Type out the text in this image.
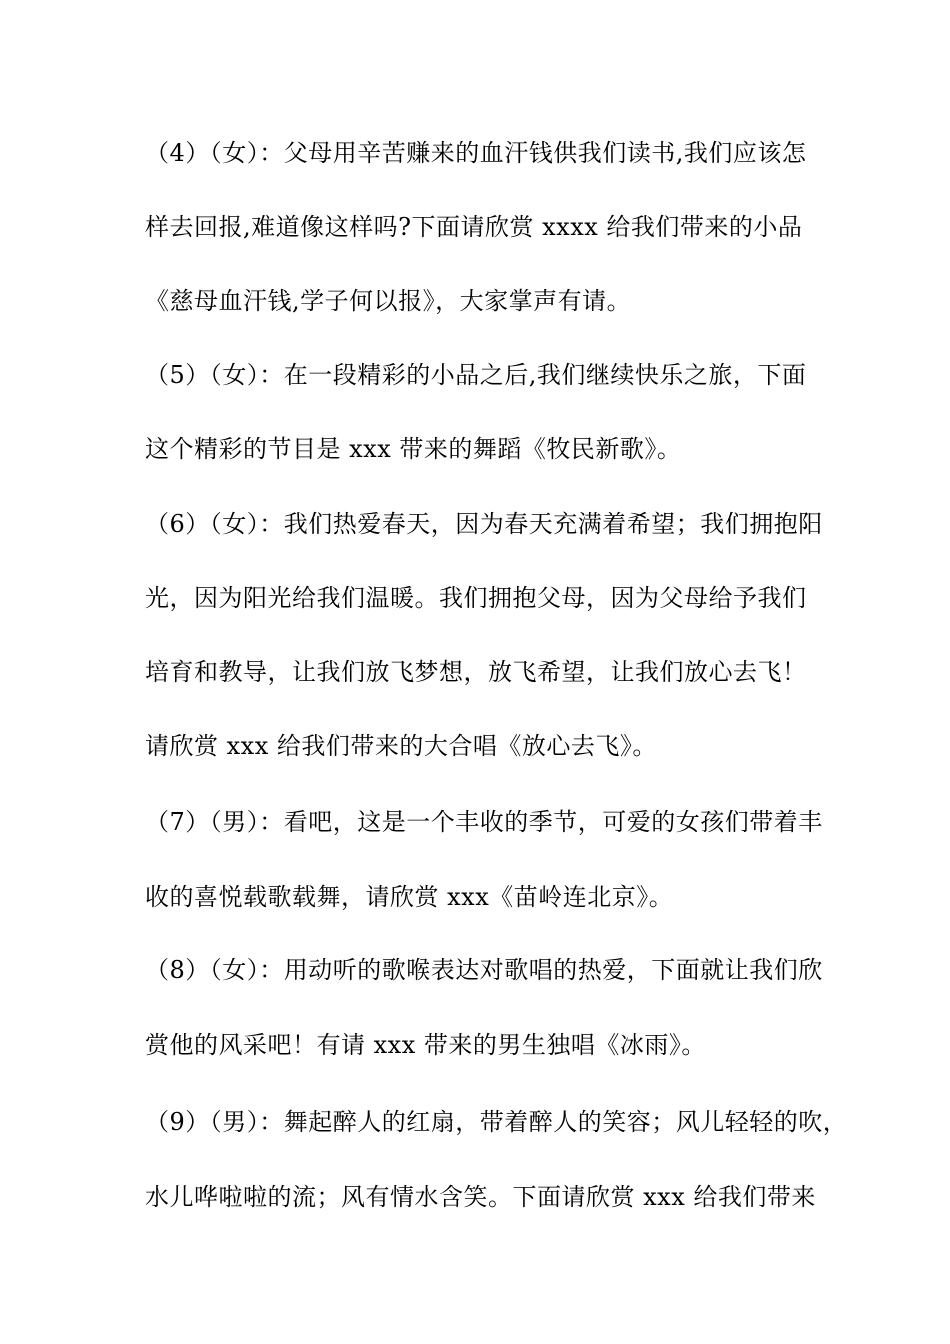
（4）（女）：父母用辛苦赚来的血汗钱供我们读书,我们应该怎
样去回报,难道像这样吗?下面请欣赏 xxxx 给我们带来的小品
《慈母血汗钱,学子何以报》，大家掌声有请。
（5）（女）：在一段精彩的小品之后,我们继续快乐之旅，下面
这个精彩的节目是 xxx 带来的舞蹈《牧民新歌》。
（6）（女）：我们热爱春天，因为春天充满着希望；我们拥抱阳
光，因为阳光给我们温暖。我们拥抱父母，因为父母给予我们
培育和教导，让我们放飞梦想，放飞希望，让我们放心去飞！
请欣赏 xxx 给我们带来的大合唱《放心去飞》。
（7）（男）：看吧，这是一个丰收的季节，可爱的女孩们带着丰
收的喜悦载歌载舞，请欣赏 xxx《苗岭连北京》。
（8）（女）：用动听的歌喉表达对歌唱的热爱，下面就让我们欣
赏他的风采吧！有请 xxx 带来的男生独唱《冰雨》。
（9）（男）：舞起醉人的红扇，带着醉人的笑容；风儿轻轻的吹，
水儿哗啦啦的流；风有情水含笑。下面请欣赏 xxx 给我们带来
